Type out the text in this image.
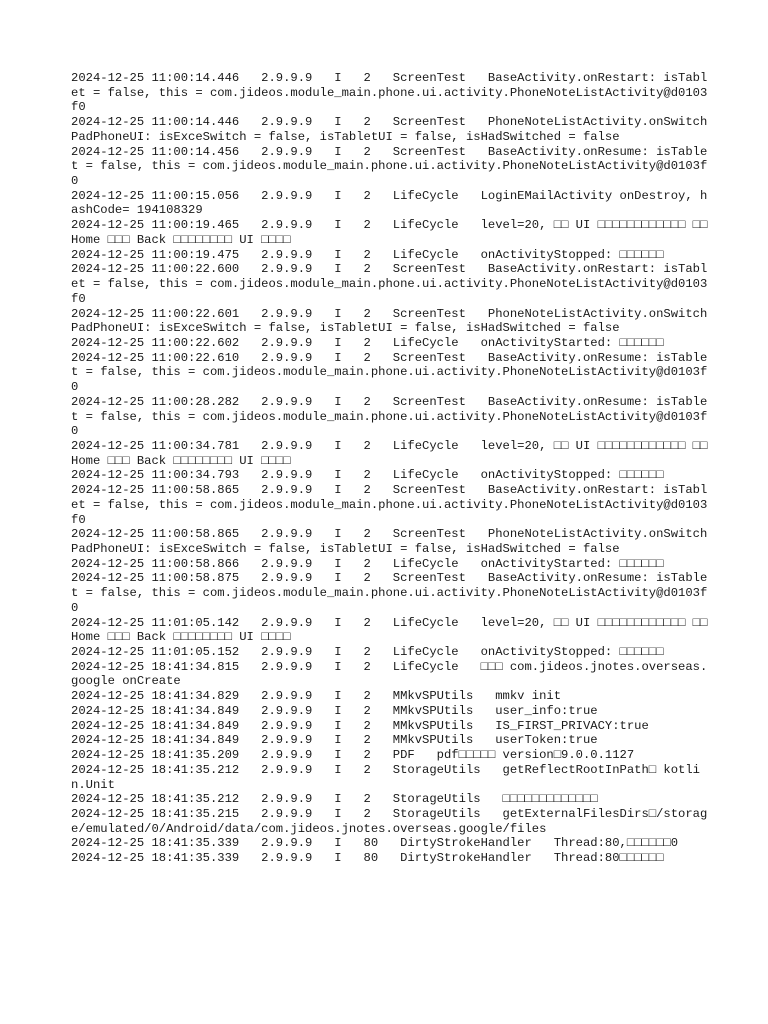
2024-12-25 11:00:14.446   2.9.9.9   I   2   ScreenTest   BaseActivity.onRestart: isTablet = false, this = com.jideos.module_main.phone.ui.activity.PhoneNoteListActivity@d0103f0

2024-12-25 11:00:14.446   2.9.9.9   I   2   ScreenTest   PhoneNoteListActivity.onSwitchPadPhoneUI: isExceSwitch = false, isTabletUI = false, isHadSwitched = false

2024-12-25 11:00:14.456   2.9.9.9   I   2   ScreenTest   BaseActivity.onResume: isTablet = false, this = com.jideos.module_main.phone.ui.activity.PhoneNoteListActivity@d0103f0

2024-12-25 11:00:15.056   2.9.9.9   I   2   LifeCycle   LoginEMailActivity onDestroy, hashCode= 194108329

2024-12-25 11:00:19.465   2.9.9.9   I   2   LifeCycle   level=20, □□ UI □□□□□□□□□□□□ □□ Home □□□ Back □□□□□□□□ UI □□□□

2024-12-25 11:00:19.475   2.9.9.9   I   2   LifeCycle   onActivityStopped: □□□□□□

2024-12-25 11:00:22.600   2.9.9.9   I   2   ScreenTest   BaseActivity.onRestart: isTablet = false, this = com.jideos.module_main.phone.ui.activity.PhoneNoteListActivity@d0103f0

2024-12-25 11:00:22.601   2.9.9.9   I   2   ScreenTest   PhoneNoteListActivity.onSwitchPadPhoneUI: isExceSwitch = false, isTabletUI = false, isHadSwitched = false

2024-12-25 11:00:22.602   2.9.9.9   I   2   LifeCycle   onActivityStarted: □□□□□□

2024-12-25 11:00:22.610   2.9.9.9   I   2   ScreenTest   BaseActivity.onResume: isTablet = false, this = com.jideos.module_main.phone.ui.activity.PhoneNoteListActivity@d0103f0

2024-12-25 11:00:28.282   2.9.9.9   I   2   ScreenTest   BaseActivity.onResume: isTablet = false, this = com.jideos.module_main.phone.ui.activity.PhoneNoteListActivity@d0103f0

2024-12-25 11:00:34.781   2.9.9.9   I   2   LifeCycle   level=20, □□ UI □□□□□□□□□□□□ □□ Home □□□ Back □□□□□□□□ UI □□□□

2024-12-25 11:00:34.793   2.9.9.9   I   2   LifeCycle   onActivityStopped: □□□□□□

2024-12-25 11:00:58.865   2.9.9.9   I   2   ScreenTest   BaseActivity.onRestart: isTablet = false, this = com.jideos.module_main.phone.ui.activity.PhoneNoteListActivity@d0103f0

2024-12-25 11:00:58.865   2.9.9.9   I   2   ScreenTest   PhoneNoteListActivity.onSwitchPadPhoneUI: isExceSwitch = false, isTabletUI = false, isHadSwitched = false

2024-12-25 11:00:58.866   2.9.9.9   I   2   LifeCycle   onActivityStarted: □□□□□□

2024-12-25 11:00:58.875   2.9.9.9   I   2   ScreenTest   BaseActivity.onResume: isTablet = false, this = com.jideos.module_main.phone.ui.activity.PhoneNoteListActivity@d0103f0

2024-12-25 11:01:05.142   2.9.9.9   I   2   LifeCycle   level=20, □□ UI □□□□□□□□□□□□ □□ Home □□□ Back □□□□□□□□ UI □□□□

2024-12-25 11:01:05.152   2.9.9.9   I   2   LifeCycle   onActivityStopped: □□□□□□

2024-12-25 18:41:34.815   2.9.9.9   I   2   LifeCycle   □□□ com.jideos.jnotes.overseas.google onCreate

2024-12-25 18:41:34.829   2.9.9.9   I   2   MMkvSPUtils   mmkv init

2024-12-25 18:41:34.849   2.9.9.9   I   2   MMkvSPUtils   user_info:true

2024-12-25 18:41:34.849   2.9.9.9   I   2   MMkvSPUtils   IS_FIRST_PRIVACY:true

2024-12-25 18:41:34.849   2.9.9.9   I   2   MMkvSPUtils   userToken:true

2024-12-25 18:41:35.209   2.9.9.9   I   2   PDF   pdf□□□□□ version□9.0.0.1127

2024-12-25 18:41:35.212   2.9.9.9   I   2   StorageUtils   getReflectRootInPath□ kotlin.Unit

2024-12-25 18:41:35.212   2.9.9.9   I   2   StorageUtils   □□□□□□□□□□□□□

2024-12-25 18:41:35.215   2.9.9.9   I   2   StorageUtils   getExternalFilesDirs□/storage/emulated/0/Android/data/com.jideos.jnotes.overseas.google/files

2024-12-25 18:41:35.339   2.9.9.9   I   80   DirtyStrokeHandler   Thread:80,□□□□□□0

2024-12-25 18:41:35.339   2.9.9.9   I   80   DirtyStrokeHandler   Thread:80□□□□□□
